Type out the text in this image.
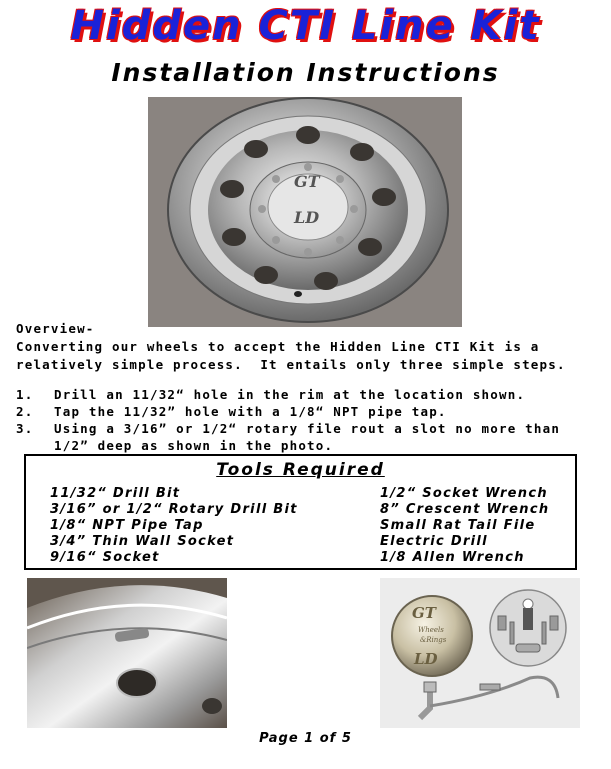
Hidden CTI Line Kit
Installation Instructions
GT
LD
Overview-
Converting our wheels to accept the Hidden Line CTI Kit is a
relatively simple process.  It entails only three simple steps.
1.	Drill an 11/32“ hole in the rim at the location shown.
2.	Tap the 11/32” hole with a 1/8“ NPT pipe tap.
3.	Using a 3/16” or 1/2“ rotary file rout a slot no more than 1/2” deep as shown in the photo.
Tools Required
11/32“ Drill Bit
3/16” or 1/2“ Rotary Drill Bit
1/8“ NPT Pipe Tap
3/4” Thin Wall Socket
9/16“ Socket
1/2“ Socket Wrench
8” Crescent Wrench
Small Rat Tail File
Electric Drill
1/8 Allen Wrench
GT
Wheels
&Rings
LD
Page 1 of 5
